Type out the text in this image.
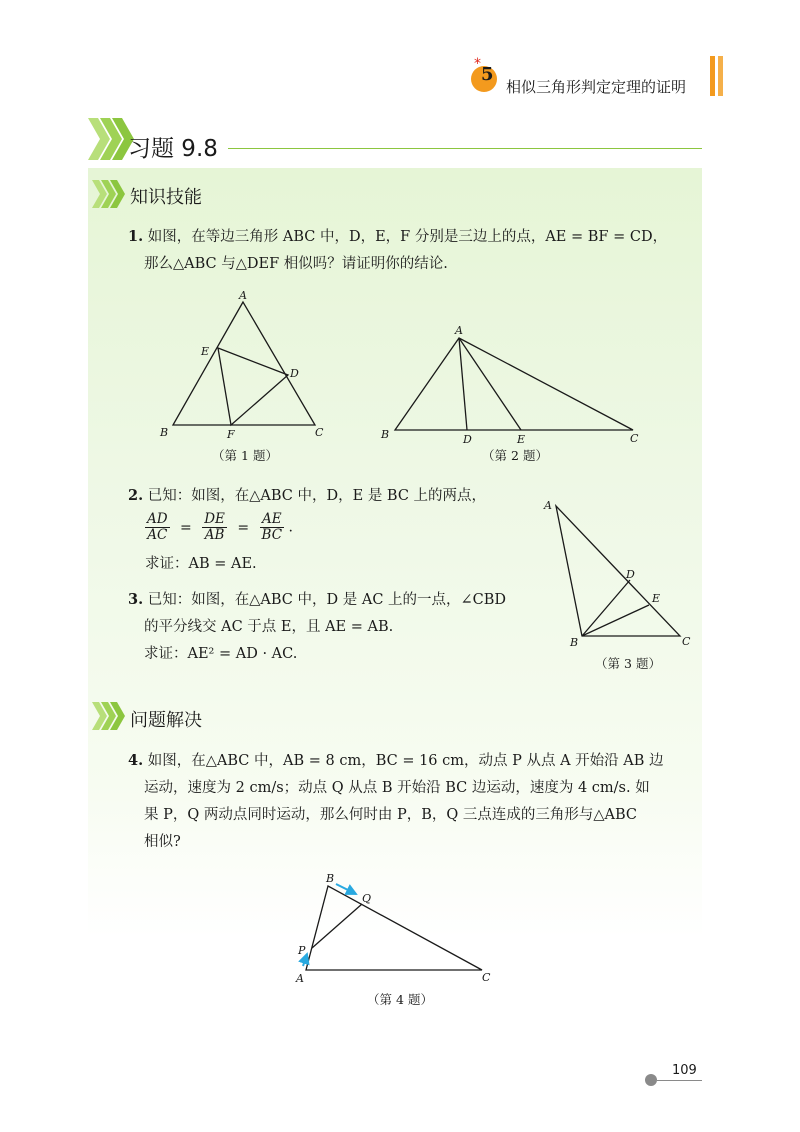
* 5
相似三角形判定定理的证明
习题 9.8
知识技能
1. 如图，在等边三角形 ABC 中，D，E，F 分别是三边上的点，AE = BF = CD，
那么△ABC 与△DEF 相似吗？请证明你的结论.
A
B	C
D
E
F
（第 1 题）
A
B	C
D	E
（第 2 题）
2. 已知：如图，在△ABC 中，D，E 是 BC 上的两点，
$\frac{AD}{AC} = \frac{DE}{AB} = \frac{AE}{BC}$ .
求证：AB = AE.
3. 已知：如图，在△ABC 中，D 是 AC 上的一点，∠CBD
的平分线交 AC 于点 E，且 AE = AB.
求证：AE² = AD · AC.
A
B	C
D
E
（第 3 题）
问题解决
4. 如图，在△ABC 中，AB = 8 cm，BC = 16 cm，动点 P 从点 A 开始沿 AB 边
运动，速度为 2 cm/s；动点 Q 从点 B 开始沿 BC 边运动，速度为 4 cm/s. 如
果 P，Q 两动点同时运动，那么何时由 P，B，Q 三点连成的三角形与△ABC
相似?
A
B
C
P
Q
（第 4 题）
109
